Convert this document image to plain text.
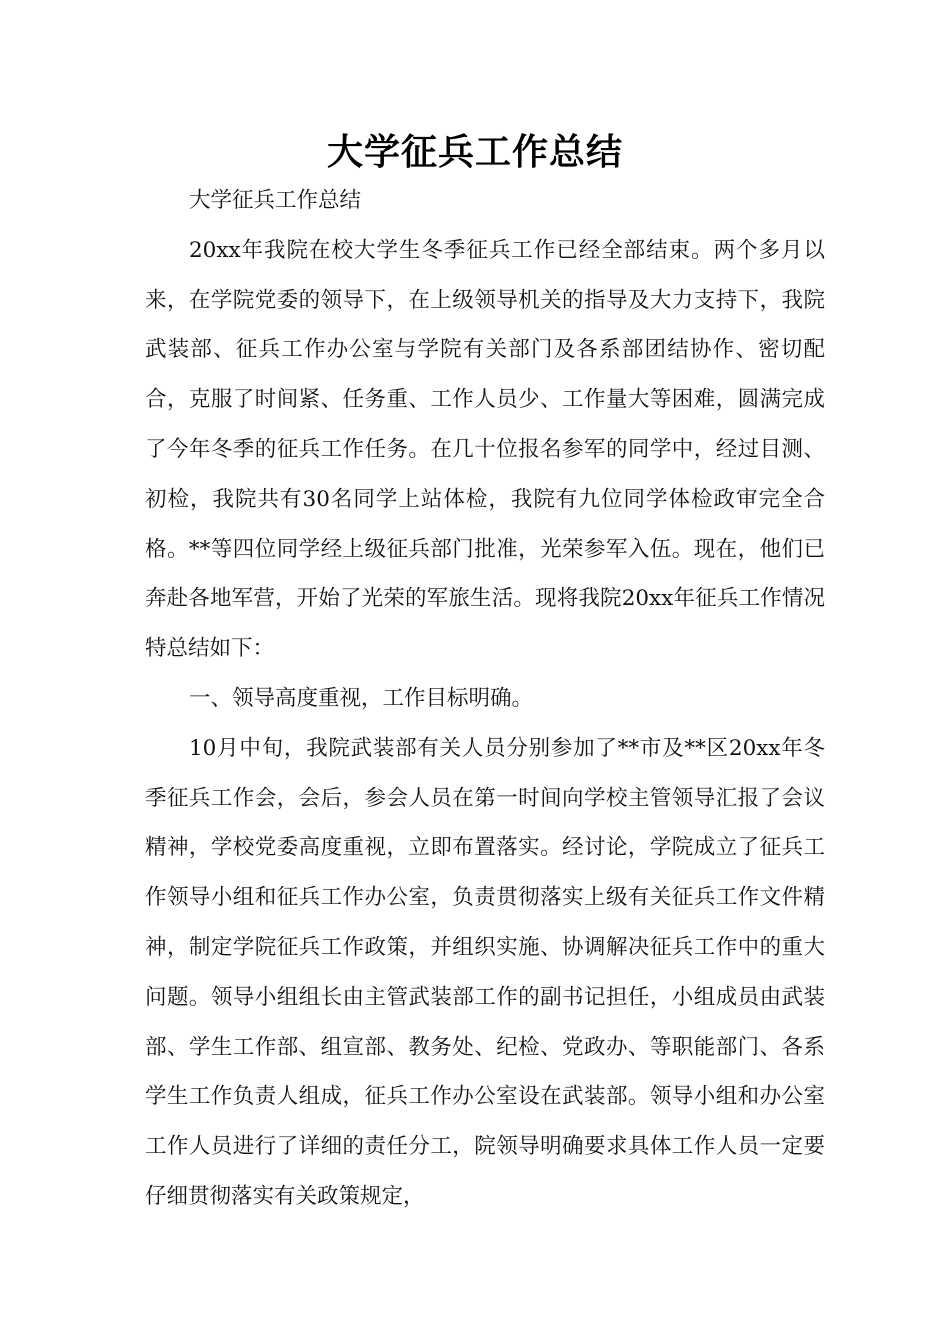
大学征兵工作总结

大学征兵工作总结

20xx年我院在校大学生冬季征兵工作已经全部结束。两个多月以来，在学院党委的领导下，在上级领导机关的指导及大力支持下，我院武装部、征兵工作办公室与学院有关部门及各系部团结协作、密切配合，克服了时间紧、任务重、工作人员少、工作量大等困难，圆满完成了今年冬季的征兵工作任务。在几十位报名参军的同学中，经过目测、初检，我院共有30名同学上站体检，我院有九位同学体检政审完全合格。**等四位同学经上级征兵部门批准，光荣参军入伍。现在，他们已奔赴各地军营，开始了光荣的军旅生活。现将我院20xx年征兵工作情况特总结如下：

一、领导高度重视，工作目标明确。

10月中旬，我院武装部有关人员分别参加了**市及**区20xx年冬季征兵工作会，会后，参会人员在第一时间向学校主管领导汇报了会议精神，学校党委高度重视，立即布置落实。经讨论，学院成立了征兵工作领导小组和征兵工作办公室，负责贯彻落实上级有关征兵工作文件精神，制定学院征兵工作政策，并组织实施、协调解决征兵工作中的重大问题。领导小组组长由主管武装部工作的副书记担任，小组成员由武装部、学生工作部、组宣部、教务处、纪检、党政办、等职能部门、各系学生工作负责人组成，征兵工作办公室设在武装部。领导小组和办公室工作人员进行了详细的责任分工，院领导明确要求具体工作人员一定要仔细贯彻落实有关政策规定，
